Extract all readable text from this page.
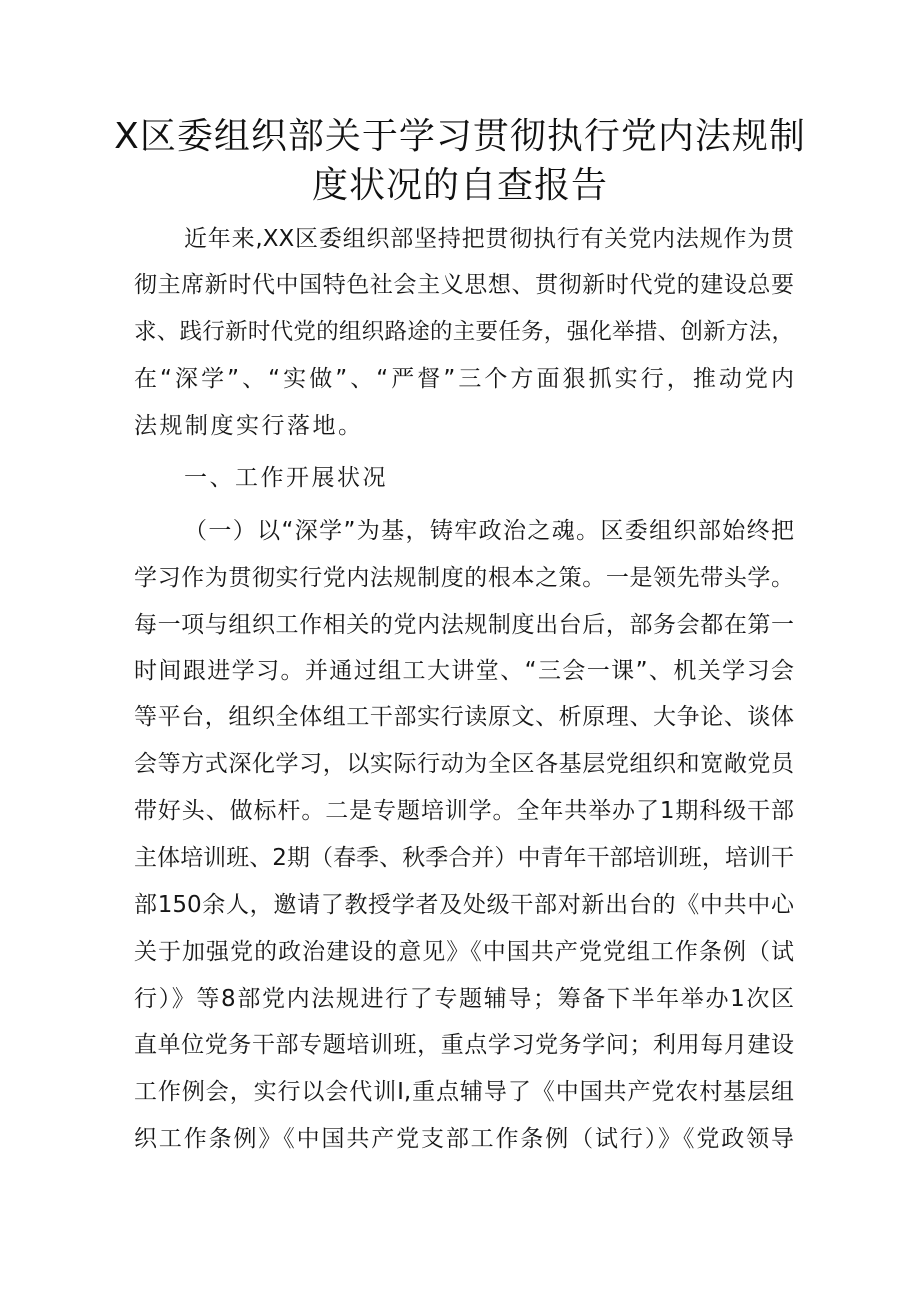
X区委组织部关于学习贯彻执行党内法规制
度状况的自查报告
近年来,XX区委组织部坚持把贯彻执行有关党内法规作为贯
彻主席新时代中国特色社会主义思想、贯彻新时代党的建设总要
求、践行新时代党的组织路途的主要任务，强化举措、创新方法，
在“深学”、“实做”、“严督”三个方面狠抓实行，推动党内
法规制度实行落地。
一、工作开展状况
（一）以“深学”为基，铸牢政治之魂。区委组织部始终把
学习作为贯彻实行党内法规制度的根本之策。一是领先带头学。
每一项与组织工作相关的党内法规制度出台后，部务会都在第一
时间跟进学习。并通过组工大讲堂、“三会一课”、机关学习会
等平台，组织全体组工干部实行读原文、析原理、大争论、谈体
会等方式深化学习，以实际行动为全区各基层党组织和宽敞党员
带好头、做标杆。二是专题培训学。全年共举办了1期科级干部
主体培训班、2期（春季、秋季合并）中青年干部培训班，培训干
部150余人，邀请了教授学者及处级干部对新出台的《中共中心
关于加强党的政治建设的意见》《中国共产党党组工作条例（试
行）》等8部党内法规进行了专题辅导；筹备下半年举办1次区
直单位党务干部专题培训班，重点学习党务学问；利用每月建设
工作例会，实行以会代训I,重点辅导了《中国共产党农村基层组
织工作条例》《中国共产党支部工作条例（试行）》《党政领导
